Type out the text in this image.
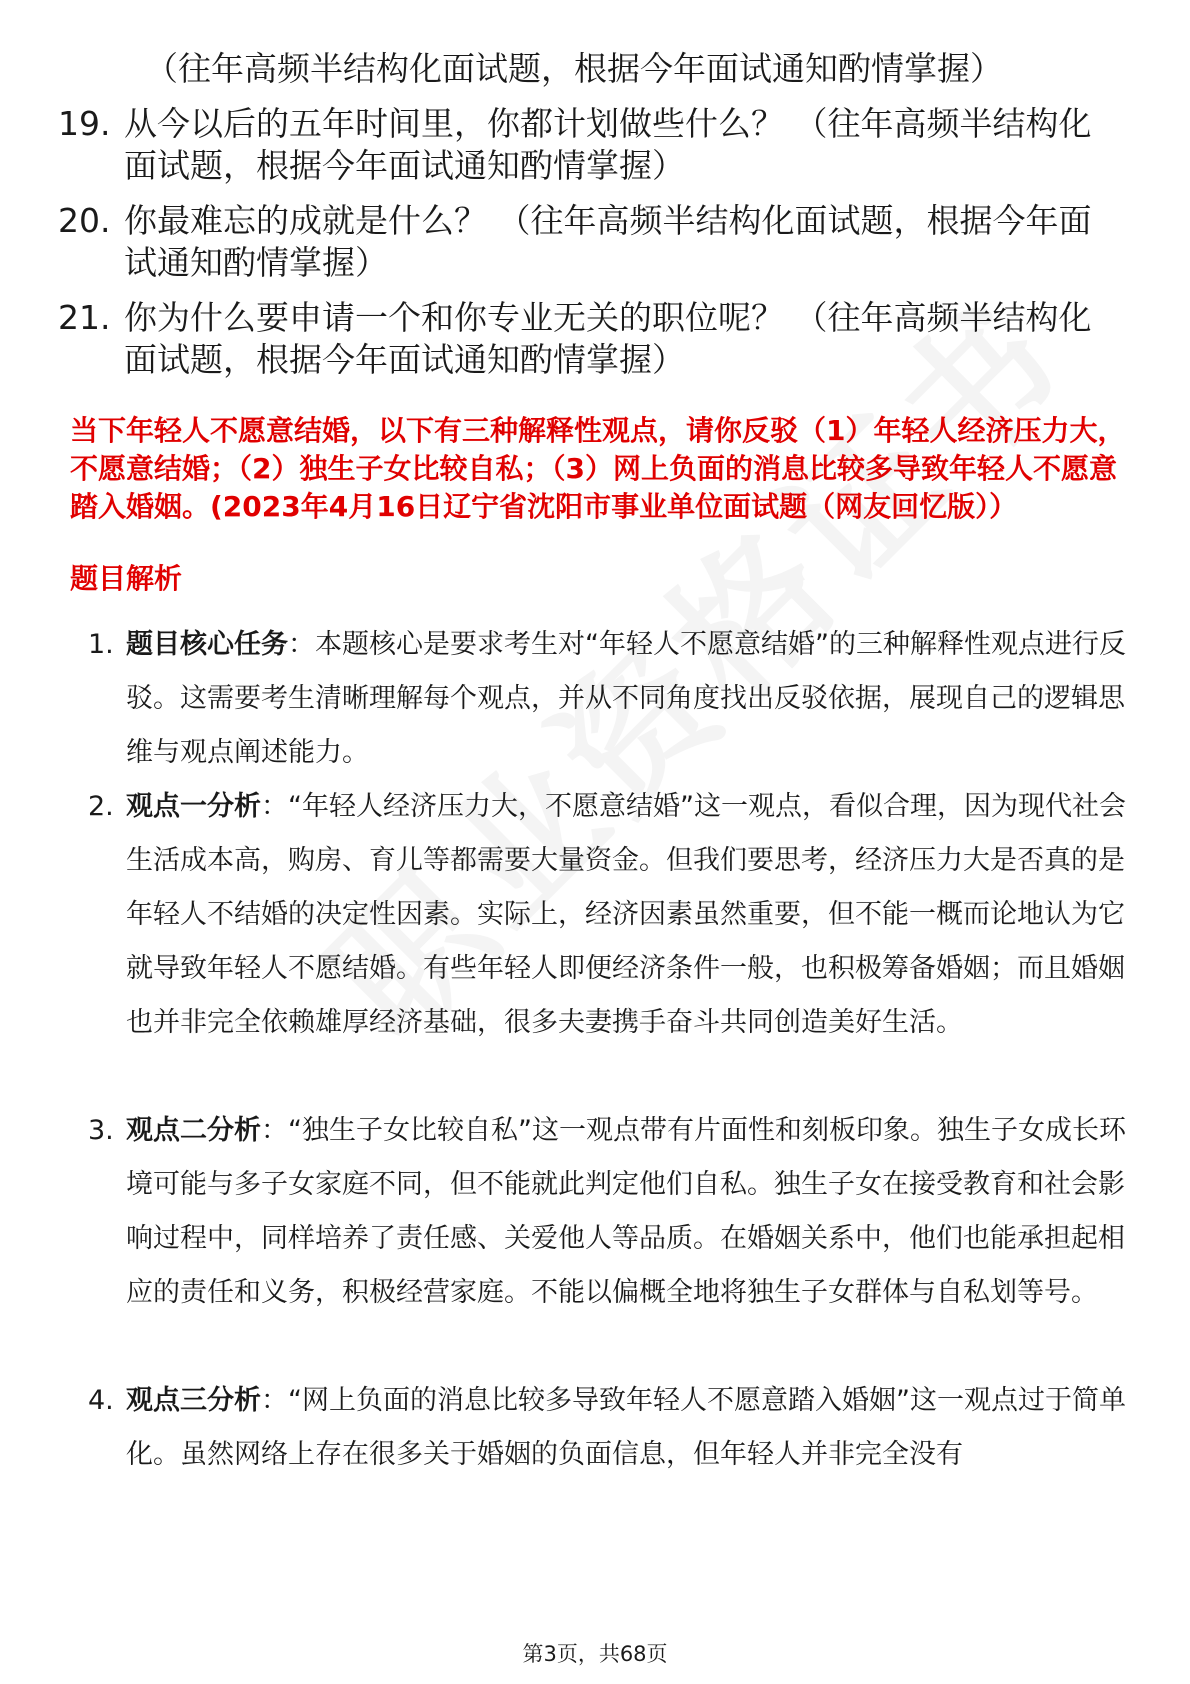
（往年高频半结构化面试题，根据今年面试通知酌情掌握）
19. 从今以后的五年时间里，你都计划做些什么？ （往年高频半结构化面试题，根据今年面试通知酌情掌握）
20. 你最难忘的成就是什么？ （往年高频半结构化面试题，根据今年面试通知酌情掌握）
21. 你为什么要申请一个和你专业无关的职位呢？ （往年高频半结构化面试题，根据今年面试通知酌情掌握）
当下年轻人不愿意结婚，以下有三种解释性观点，请你反驳（1）年轻人经济压力大，不愿意结婚；（2）独生子女比较自私；（3）网上负面的消息比较多导致年轻人不愿意踏入婚姻。(2023年4月16日辽宁省沈阳市事业单位面试题（网友回忆版））
题目解析
1. 题目核心任务：本题核心是要求考生对“年轻人不愿意结婚”的三种解释性观点进行反驳。这需要考生清晰理解每个观点，并从不同角度找出反驳依据，展现自己的逻辑思维与观点阐述能力。
2. 观点一分析：“年轻人经济压力大，不愿意结婚”这一观点，看似合理，因为现代社会生活成本高，购房、育儿等都需要大量资金。但我们要思考，经济压力大是否真的是年轻人不结婚的决定性因素。实际上，经济因素虽然重要，但不能一概而论地认为它就导致年轻人不愿结婚。有些年轻人即便经济条件一般，也积极筹备婚姻；而且婚姻也并非完全依赖雄厚经济基础，很多夫妻携手奋斗共同创造美好生活。
3. 观点二分析：“独生子女比较自私”这一观点带有片面性和刻板印象。独生子女成长环境可能与多子女家庭不同，但不能就此判定他们自私。独生子女在接受教育和社会影响过程中，同样培养了责任感、关爱他人等品质。在婚姻关系中，他们也能承担起相应的责任和义务，积极经营家庭。不能以偏概全地将独生子女群体与自私划等号。
4. 观点三分析：“网上负面的消息比较多导致年轻人不愿意踏入婚姻”这一观点过于简单化。虽然网络上存在很多关于婚姻的负面信息，但年轻人并非完全没有
第3页，共68页
